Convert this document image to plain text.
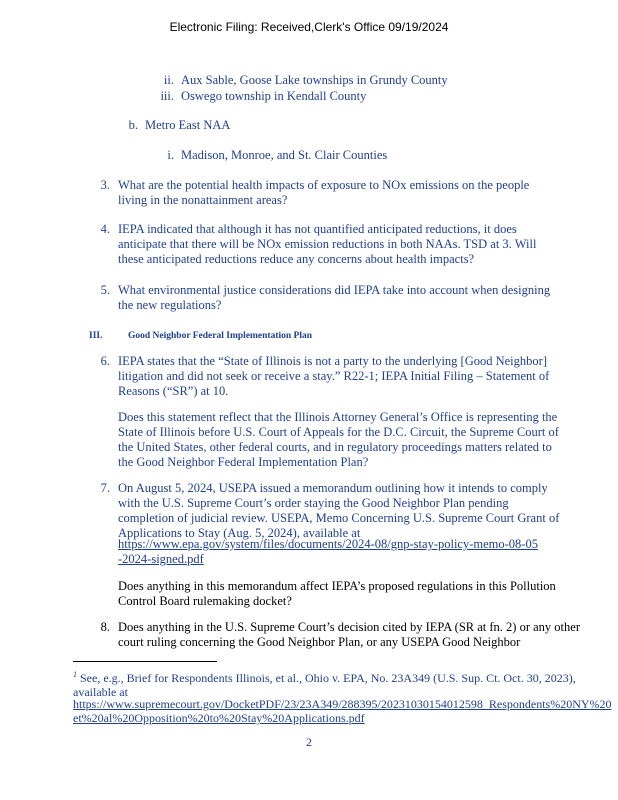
Electronic Filing: Received,Clerk's Office 09/19/2024
ii. Aux Sable, Goose Lake townships in Grundy County
iii. Oswego township in Kendall County
b. Metro East NAA
i. Madison, Monroe, and St. Clair Counties
3. What are the potential health impacts of exposure to NOx emissions on the people living in the nonattainment areas?
4. IEPA indicated that although it has not quantified anticipated reductions, it does anticipate that there will be NOx emission reductions in both NAAs. TSD at 3. Will these anticipated reductions reduce any concerns about health impacts?
5. What environmental justice considerations did IEPA take into account when designing the new regulations?
III.	Good Neighbor Federal Implementation Plan
6. IEPA states that the “State of Illinois is not a party to the underlying [Good Neighbor] litigation and did not seek or receive a stay.” R22-1; IEPA Initial Filing – Statement of Reasons (“SR”) at 10.
Does this statement reflect that the Illinois Attorney General’s Office is representing the State of Illinois before U.S. Court of Appeals for the D.C. Circuit, the Supreme Court of the United States, other federal courts, and in regulatory proceedings matters related to the Good Neighbor Federal Implementation Plan?
7. On August 5, 2024, USEPA issued a memorandum outlining how it intends to comply with the U.S. Supreme Court’s order staying the Good Neighbor Plan pending completion of judicial review. USEPA, Memo Concerning U.S. Supreme Court Grant of Applications to Stay (Aug. 5, 2024), available at
https://www.epa.gov/system/files/documents/2024-08/gnp-stay-policy-memo-08-05-2024-signed.pdf
Does anything in this memorandum affect IEPA’s proposed regulations in this Pollution Control Board rulemaking docket?
8. Does anything in the U.S. Supreme Court’s decision cited by IEPA (SR at fn. 2) or any other court ruling concerning the Good Neighbor Plan, or any USEPA Good Neighbor
$^1$ See, e.g., Brief for Respondents Illinois, et al., Ohio v. EPA, No. 23A349 (U.S. Sup. Ct. Oct. 30, 2023), available at
https://www.supremecourt.gov/DocketPDF/23/23A349/288395/20231030154012598_Respondents%20NY%20et%20al%20Opposition%20to%20Stay%20Applications.pdf
2
